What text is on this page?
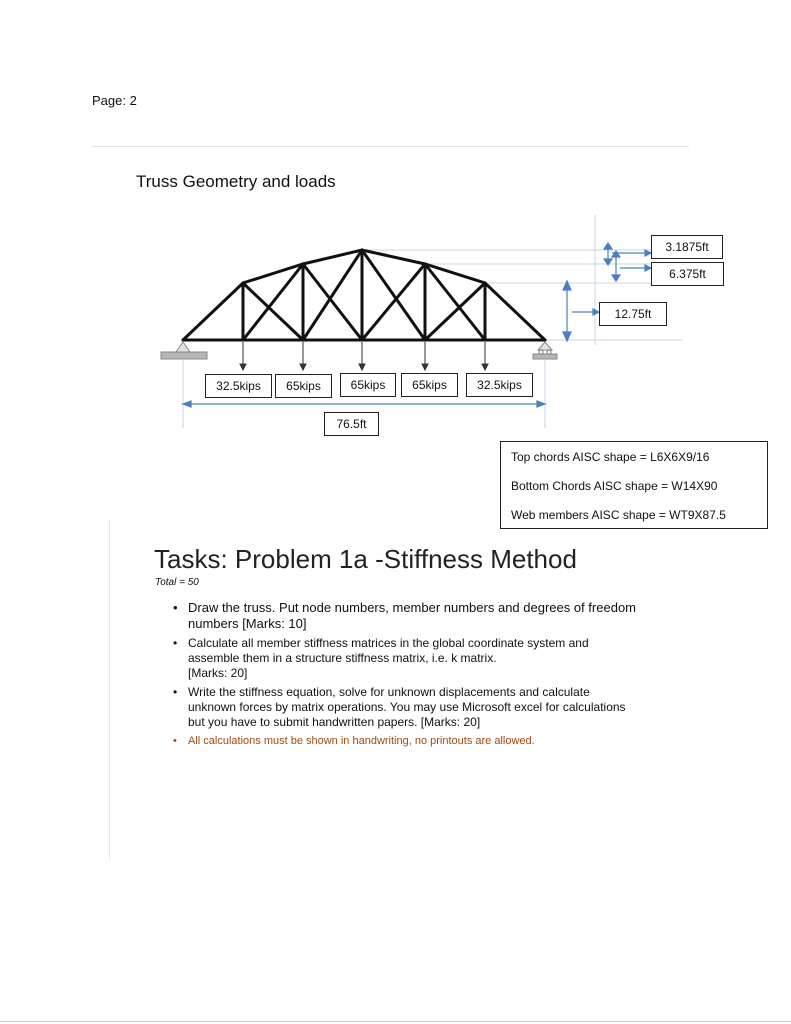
Page: 2
Truss Geometry and loads
3.1875ft
6.375ft
12.75ft
32.5kips	65kips	65kips	65kips	32.5kips
76.5ft
Top chords AISC shape = L6X6X9/16
Bottom Chords AISC shape = W14X90
Web members AISC shape = WT9X87.5
Tasks: Problem 1a -Stiffness Method
Total = 50
• Draw the truss. Put node numbers, member numbers and degrees of freedom
numbers [Marks: 10]
• Calculate all member stiffness matrices in the global coordinate system and
assemble them in a structure stiffness matrix, i.e. k matrix.
[Marks: 20]
• Write the stiffness equation, solve for unknown displacements and calculate
unknown forces by matrix operations. You may use Microsoft excel for calculations
but you have to submit handwritten papers. [Marks: 20]
• All calculations must be shown in handwriting, no printouts are allowed.
